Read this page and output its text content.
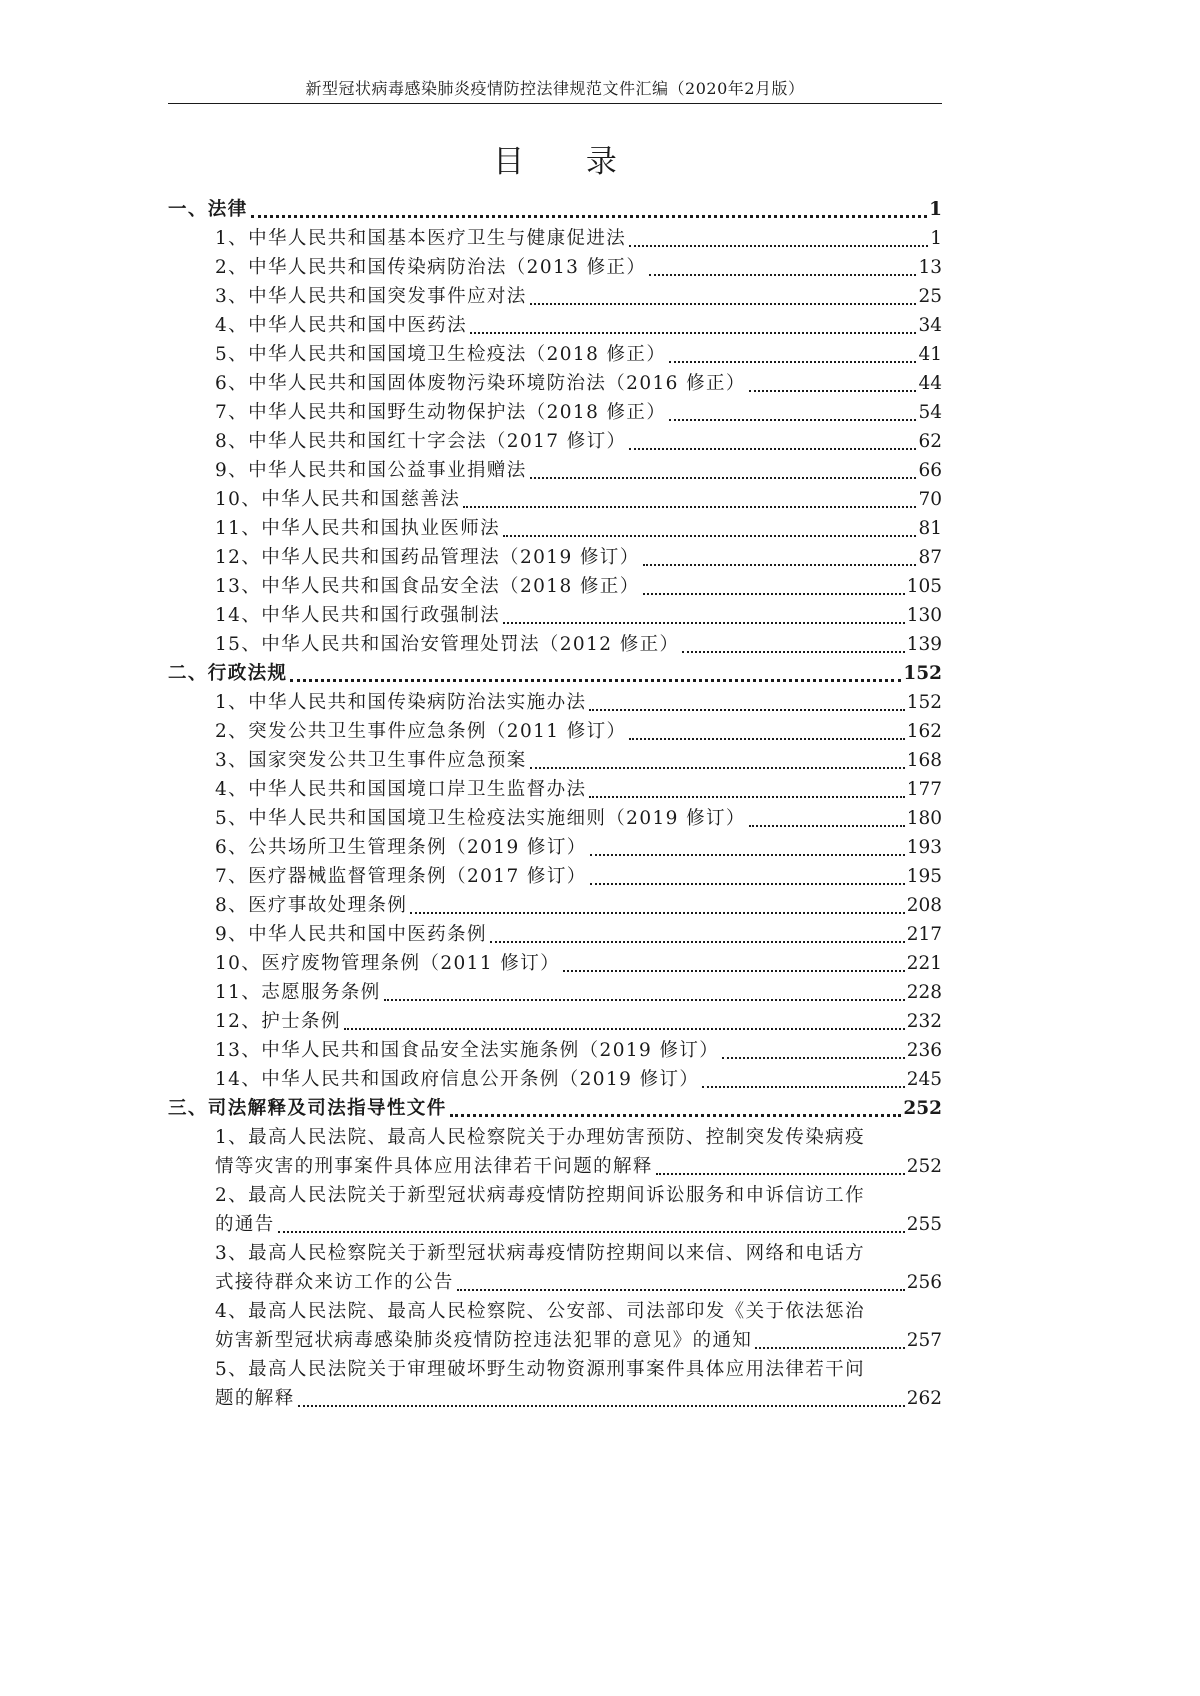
新型冠状病毒感染肺炎疫情防控法律规范文件汇编（2020年2月版）
目 录
一、法律	1
1、中华人民共和国基本医疗卫生与健康促进法	1
2、中华人民共和国传染病防治法（2013 修正）	13
3、中华人民共和国突发事件应对法	25
4、中华人民共和国中医药法	34
5、中华人民共和国国境卫生检疫法（2018 修正）	41
6、中华人民共和国固体废物污染环境防治法（2016 修正）	44
7、中华人民共和国野生动物保护法（2018 修正）	54
8、中华人民共和国红十字会法（2017 修订）	62
9、中华人民共和国公益事业捐赠法	66
10、中华人民共和国慈善法	70
11、中华人民共和国执业医师法	81
12、中华人民共和国药品管理法（2019 修订）	87
13、中华人民共和国食品安全法（2018 修正）	105
14、中华人民共和国行政强制法	130
15、中华人民共和国治安管理处罚法（2012 修正）	139
二、行政法规	152
1、中华人民共和国传染病防治法实施办法	152
2、突发公共卫生事件应急条例（2011 修订）	162
3、国家突发公共卫生事件应急预案	168
4、中华人民共和国国境口岸卫生监督办法	177
5、中华人民共和国国境卫生检疫法实施细则（2019 修订）	180
6、公共场所卫生管理条例（2019 修订）	193
7、医疗器械监督管理条例（2017 修订）	195
8、医疗事故处理条例	208
9、中华人民共和国中医药条例	217
10、医疗废物管理条例（2011 修订）	221
11、志愿服务条例	228
12、护士条例	232
13、中华人民共和国食品安全法实施条例（2019 修订）	236
14、中华人民共和国政府信息公开条例（2019 修订）	245
三、司法解释及司法指导性文件	252
1、最高人民法院、最高人民检察院关于办理妨害预防、控制突发传染病疫
情等灾害的刑事案件具体应用法律若干问题的解释	252
2、最高人民法院关于新型冠状病毒疫情防控期间诉讼服务和申诉信访工作
的通告	255
3、最高人民检察院关于新型冠状病毒疫情防控期间以来信、网络和电话方
式接待群众来访工作的公告	256
4、最高人民法院、最高人民检察院、公安部、司法部印发《关于依法惩治
妨害新型冠状病毒感染肺炎疫情防控违法犯罪的意见》的通知	257
5、最高人民法院关于审理破坏野生动物资源刑事案件具体应用法律若干问
题的解释	262
